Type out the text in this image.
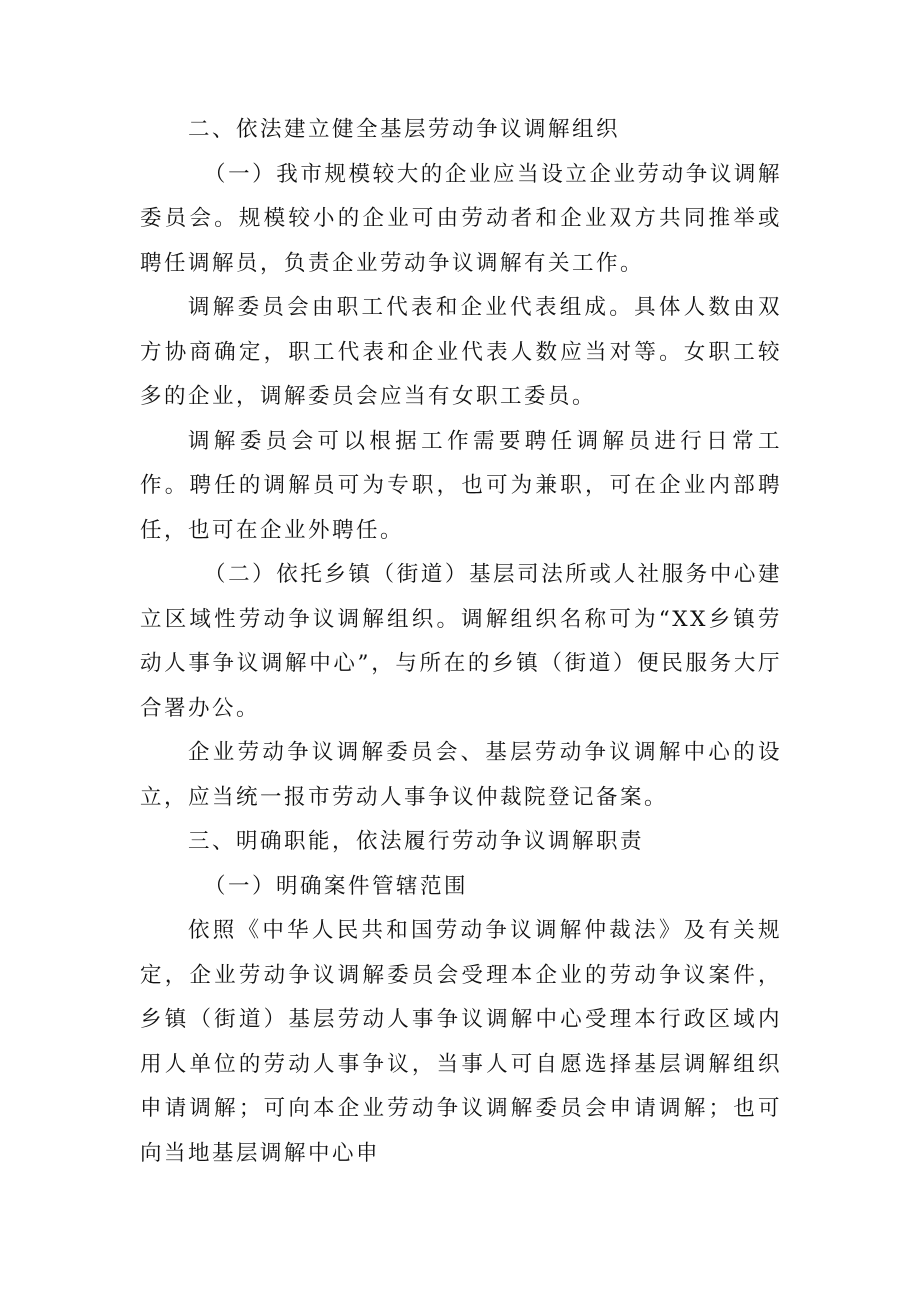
二、依法建立健全基层劳动争议调解组织

（一）我市规模较大的企业应当设立企业劳动争议调解委员会。规模较小的企业可由劳动者和企业双方共同推举或聘任调解员，负责企业劳动争议调解有关工作。

调解委员会由职工代表和企业代表组成。具体人数由双方协商确定，职工代表和企业代表人数应当对等。女职工较多的企业，调解委员会应当有女职工委员。

调解委员会可以根据工作需要聘任调解员进行日常工作。聘任的调解员可为专职，也可为兼职，可在企业内部聘任，也可在企业外聘任。

（二）依托乡镇（街道）基层司法所或人社服务中心建立区域性劳动争议调解组织。调解组织名称可为“XX乡镇劳动人事争议调解中心”，与所在的乡镇（街道）便民服务大厅合署办公。

企业劳动争议调解委员会、基层劳动争议调解中心的设立，应当统一报市劳动人事争议仲裁院登记备案。

三、明确职能，依法履行劳动争议调解职责

（一）明确案件管辖范围

依照《中华人民共和国劳动争议调解仲裁法》及有关规定，企业劳动争议调解委员会受理本企业的劳动争议案件，乡镇（街道）基层劳动人事争议调解中心受理本行政区域内用人单位的劳动人事争议，当事人可自愿选择基层调解组织申请调解；可向本企业劳动争议调解委员会申请调解；也可向当地基层调解中心申
